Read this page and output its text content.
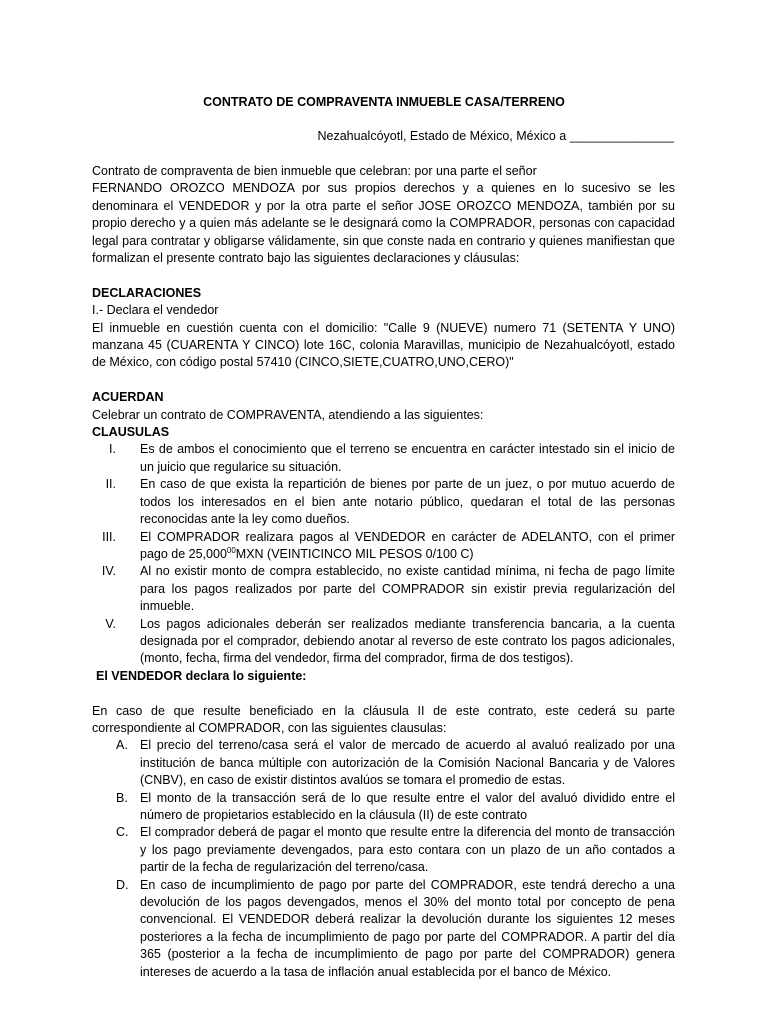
CONTRATO DE COMPRAVENTA INMUEBLE CASA/TERRENO
Nezahualcóyotl, Estado de México, México a _______________

Contrato de compraventa de bien inmueble que celebran: por una parte el señor

FERNANDO OROZCO MENDOZA por sus propios derechos y a quienes en lo sucesivo se les denominara el VENDEDOR y por la otra parte el señor JOSE OROZCO MENDOZA, también por su propio derecho y a quien más adelante se le designará como la COMPRADOR, personas con capacidad legal para contratar y obligarse válidamente, sin que conste nada en contrario y quienes manifiestan que formalizan el presente contrato bajo las siguientes declaraciones y cláusulas:

DECLARACIONES

I.- Declara el vendedor

El inmueble en cuestión cuenta con el domicilio: "Calle 9 (NUEVE) numero 71 (SETENTA Y UNO) manzana 45 (CUARENTA Y CINCO) lote 16C, colonia Maravillas, municipio de Nezahualcóyotl, estado de México, con código postal 57410 (CINCO,SIETE,CUATRO,UNO,CERO)"

ACUERDAN

Celebrar un contrato de COMPRAVENTA, atendiendo a las siguientes:

CLAUSULAS

I.	Es de ambos el conocimiento que el terreno se encuentra en carácter intestado sin el inicio de un juicio que regularice su situación.
II.	En caso de que exista la repartición de bienes por parte de un juez, o por mutuo acuerdo de todos los interesados en el bien ante notario público, quedaran el total de las personas reconocidas ante la ley como dueños.
III.	El COMPRADOR realizara pagos al VENDEDOR en carácter de ADELANTO, con el primer pago de 25,000$^{00}$MXN (VEINTICINCO MIL PESOS 0/100 C)
IV.	Al no existir monto de compra establecido, no existe cantidad mínima, ni fecha de pago límite para los pagos realizados por parte del COMPRADOR sin existir previa regularización del inmueble.
V.	Los pagos adicionales deberán ser realizados mediante transferencia bancaria, a la cuenta designada por el comprador, debiendo anotar al reverso de este contrato los pagos adicionales, (monto, fecha, firma del vendedor, firma del comprador, firma de dos testigos).

El VENDEDOR declara lo siguiente:

En caso de que resulte beneficiado en la cláusula II de este contrato, este cederá su parte correspondiente al COMPRADOR, con las siguientes clausulas:

A. El precio del terreno/casa será el valor de mercado de acuerdo al avaluó realizado por una institución de banca múltiple con autorización de la Comisión Nacional Bancaria y de Valores (CNBV), en caso de existir distintos avalúos se tomara el promedio de estas.
B. El monto de la transacción será de lo que resulte entre el valor del avaluó dividido entre el número de propietarios establecido en la cláusula (II) de este contrato
C. El comprador deberá de pagar el monto que resulte entre la diferencia del monto de transacción y los pago previamente devengados, para esto contara con un plazo de un año contados a partir de la fecha de regularización del terreno/casa.
D. En caso de incumplimiento de pago por parte del COMPRADOR, este tendrá derecho a una devolución de los pagos devengados, menos el 30% del monto total por concepto de pena convencional. El VENDEDOR deberá realizar la devolución durante los siguientes 12 meses posteriores a la fecha de incumplimiento de pago por parte del COMPRADOR. A partir del día 365 (posterior a la fecha de incumplimiento de pago por parte del COMPRADOR) genera intereses de acuerdo a la tasa de inflación anual establecida por el banco de México.
